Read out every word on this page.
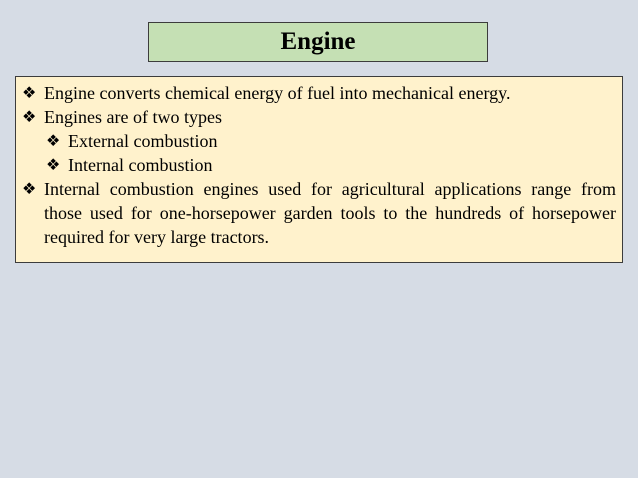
Engine
❖ Engine converts chemical energy of fuel into mechanical energy.
❖ Engines are of two types
❖ External combustion
❖ Internal combustion
❖ Internal combustion engines used for agricultural applications range from those used for one-horsepower garden tools to the hundreds of horsepower required for very large tractors.
